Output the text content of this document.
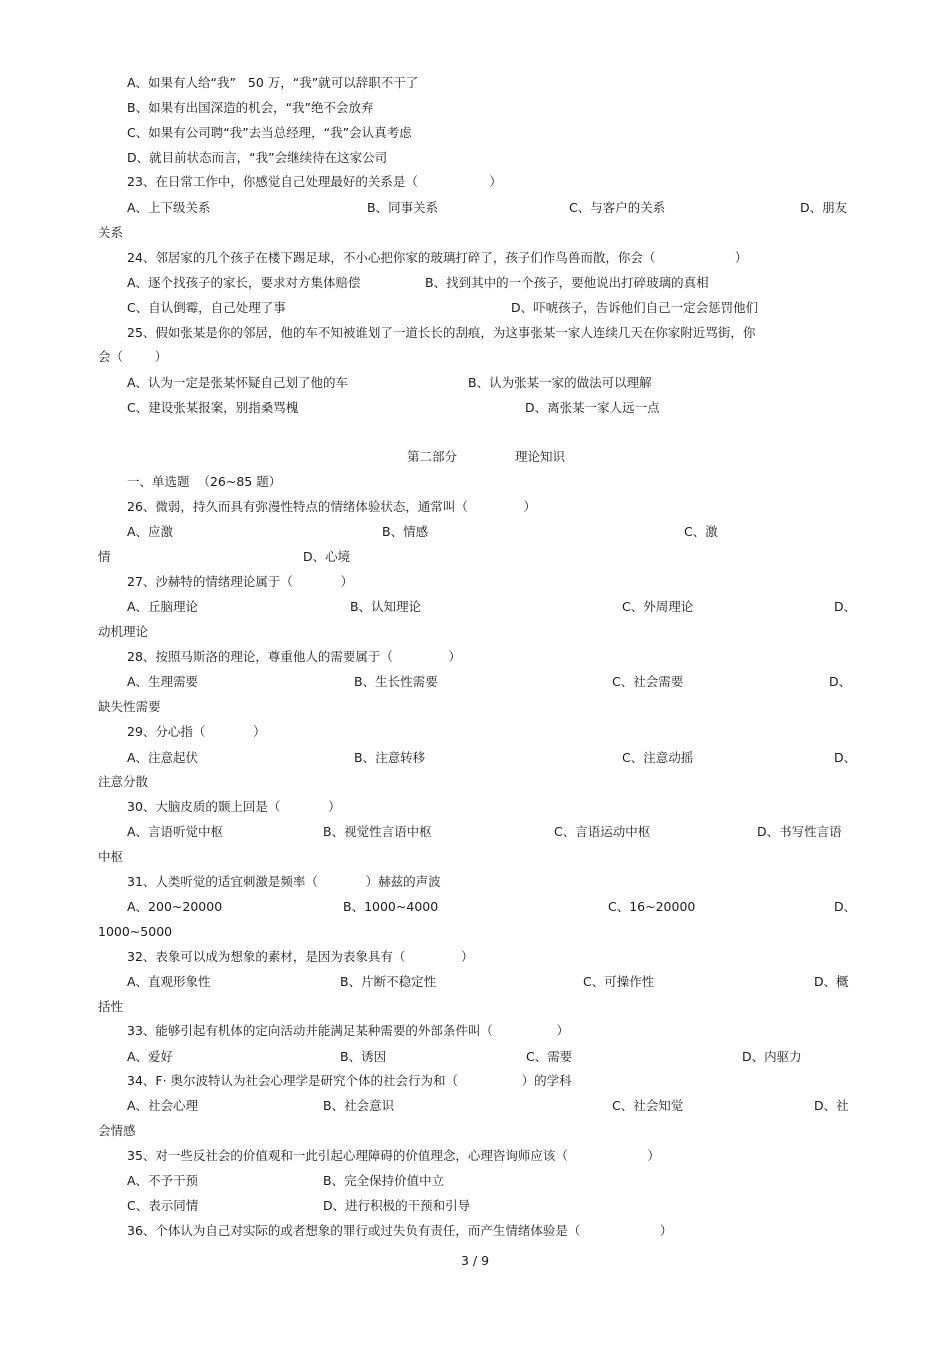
A、如果有人给“我”   50 万，“我”就可以辞职不干了
B、如果有出国深造的机会，“我”绝不会放弃
C、如果有公司聘“我”去当总经理，“我”会认真考虑
D、就目前状态而言，“我”会继续待在这家公司
23、在日常工作中，你感觉自己处理最好的关系是（                  ）
A、上下级关系	B、同事关系	C、与客户的关系	D、朋友
关系
24、邻居家的几个孩子在楼下踢足球，不小心把你家的玻璃打碎了，孩子们作鸟兽而散，你会（                    ）
A、逐个找孩子的家长，要求对方集体赔偿	B、找到其中的一个孩子，要他说出打碎玻璃的真相
C、自认倒霉，自己处理了事	D、吓唬孩子，告诉他们自己一定会惩罚他们
25、假如张某是你的邻居，他的车不知被谁划了一道长长的刮痕，为这事张某一家人连续几天在你家附近骂街，你
会（        ）
A、认为一定是张某怀疑自己划了他的车	B、认为张某一家的做法可以理解
C、建设张某报案，别指桑骂槐	D、离张某一家人远一点
第二部分	理论知识
一、单选题  （26~85 题）
26、微弱，持久而具有弥漫性特点的情绪体验状态，通常叫（              ）
A、应激	B、情感	C、激
情	D、心境
27、沙赫特的情绪理论属于（            ）
A、丘脑理论	B、认知理论	C、外周理论	D、
动机理论
28、按照马斯洛的理论，尊重他人的需要属于（              ）
A、生理需要	B、生长性需要	C、社会需要	D、
缺失性需要
29、分心指（            ）
A、注意起伏	B、注意转移	C、注意动摇	D、
注意分散
30、大脑皮质的颞上回是（            ）
A、言语听觉中枢	B、视觉性言语中枢	C、言语运动中枢	D、书写性言语
中枢
31、人类听觉的适宜刺激是频率（            ）赫兹的声波
A、200~20000	B、1000~4000	C、16~20000	D、
1000~5000
32、表象可以成为想象的素材，是因为表象具有（              ）
A、直观形象性	B、片断不稳定性	C、可操作性	D、概
括性
33、能够引起有机体的定向活动并能满足某种需要的外部条件叫（                ）
A、爱好	B、诱因	C、需要	D、内驱力
34、F· 奥尔波特认为社会心理学是研究个体的社会行为和（                ）的学科
A、社会心理	B、社会意识	C、社会知觉	D、社
会情感
35、对一些反社会的价值观和一此引起心理障碍的价值理念，心理咨询师应该（                    ）
A、不予干预	B、完全保持价值中立
C、表示同情	D、进行积极的干预和引导
36、个体认为自己对实际的或者想象的罪行或过失负有责任，而产生情绪体验是（                    ）
3 / 9
